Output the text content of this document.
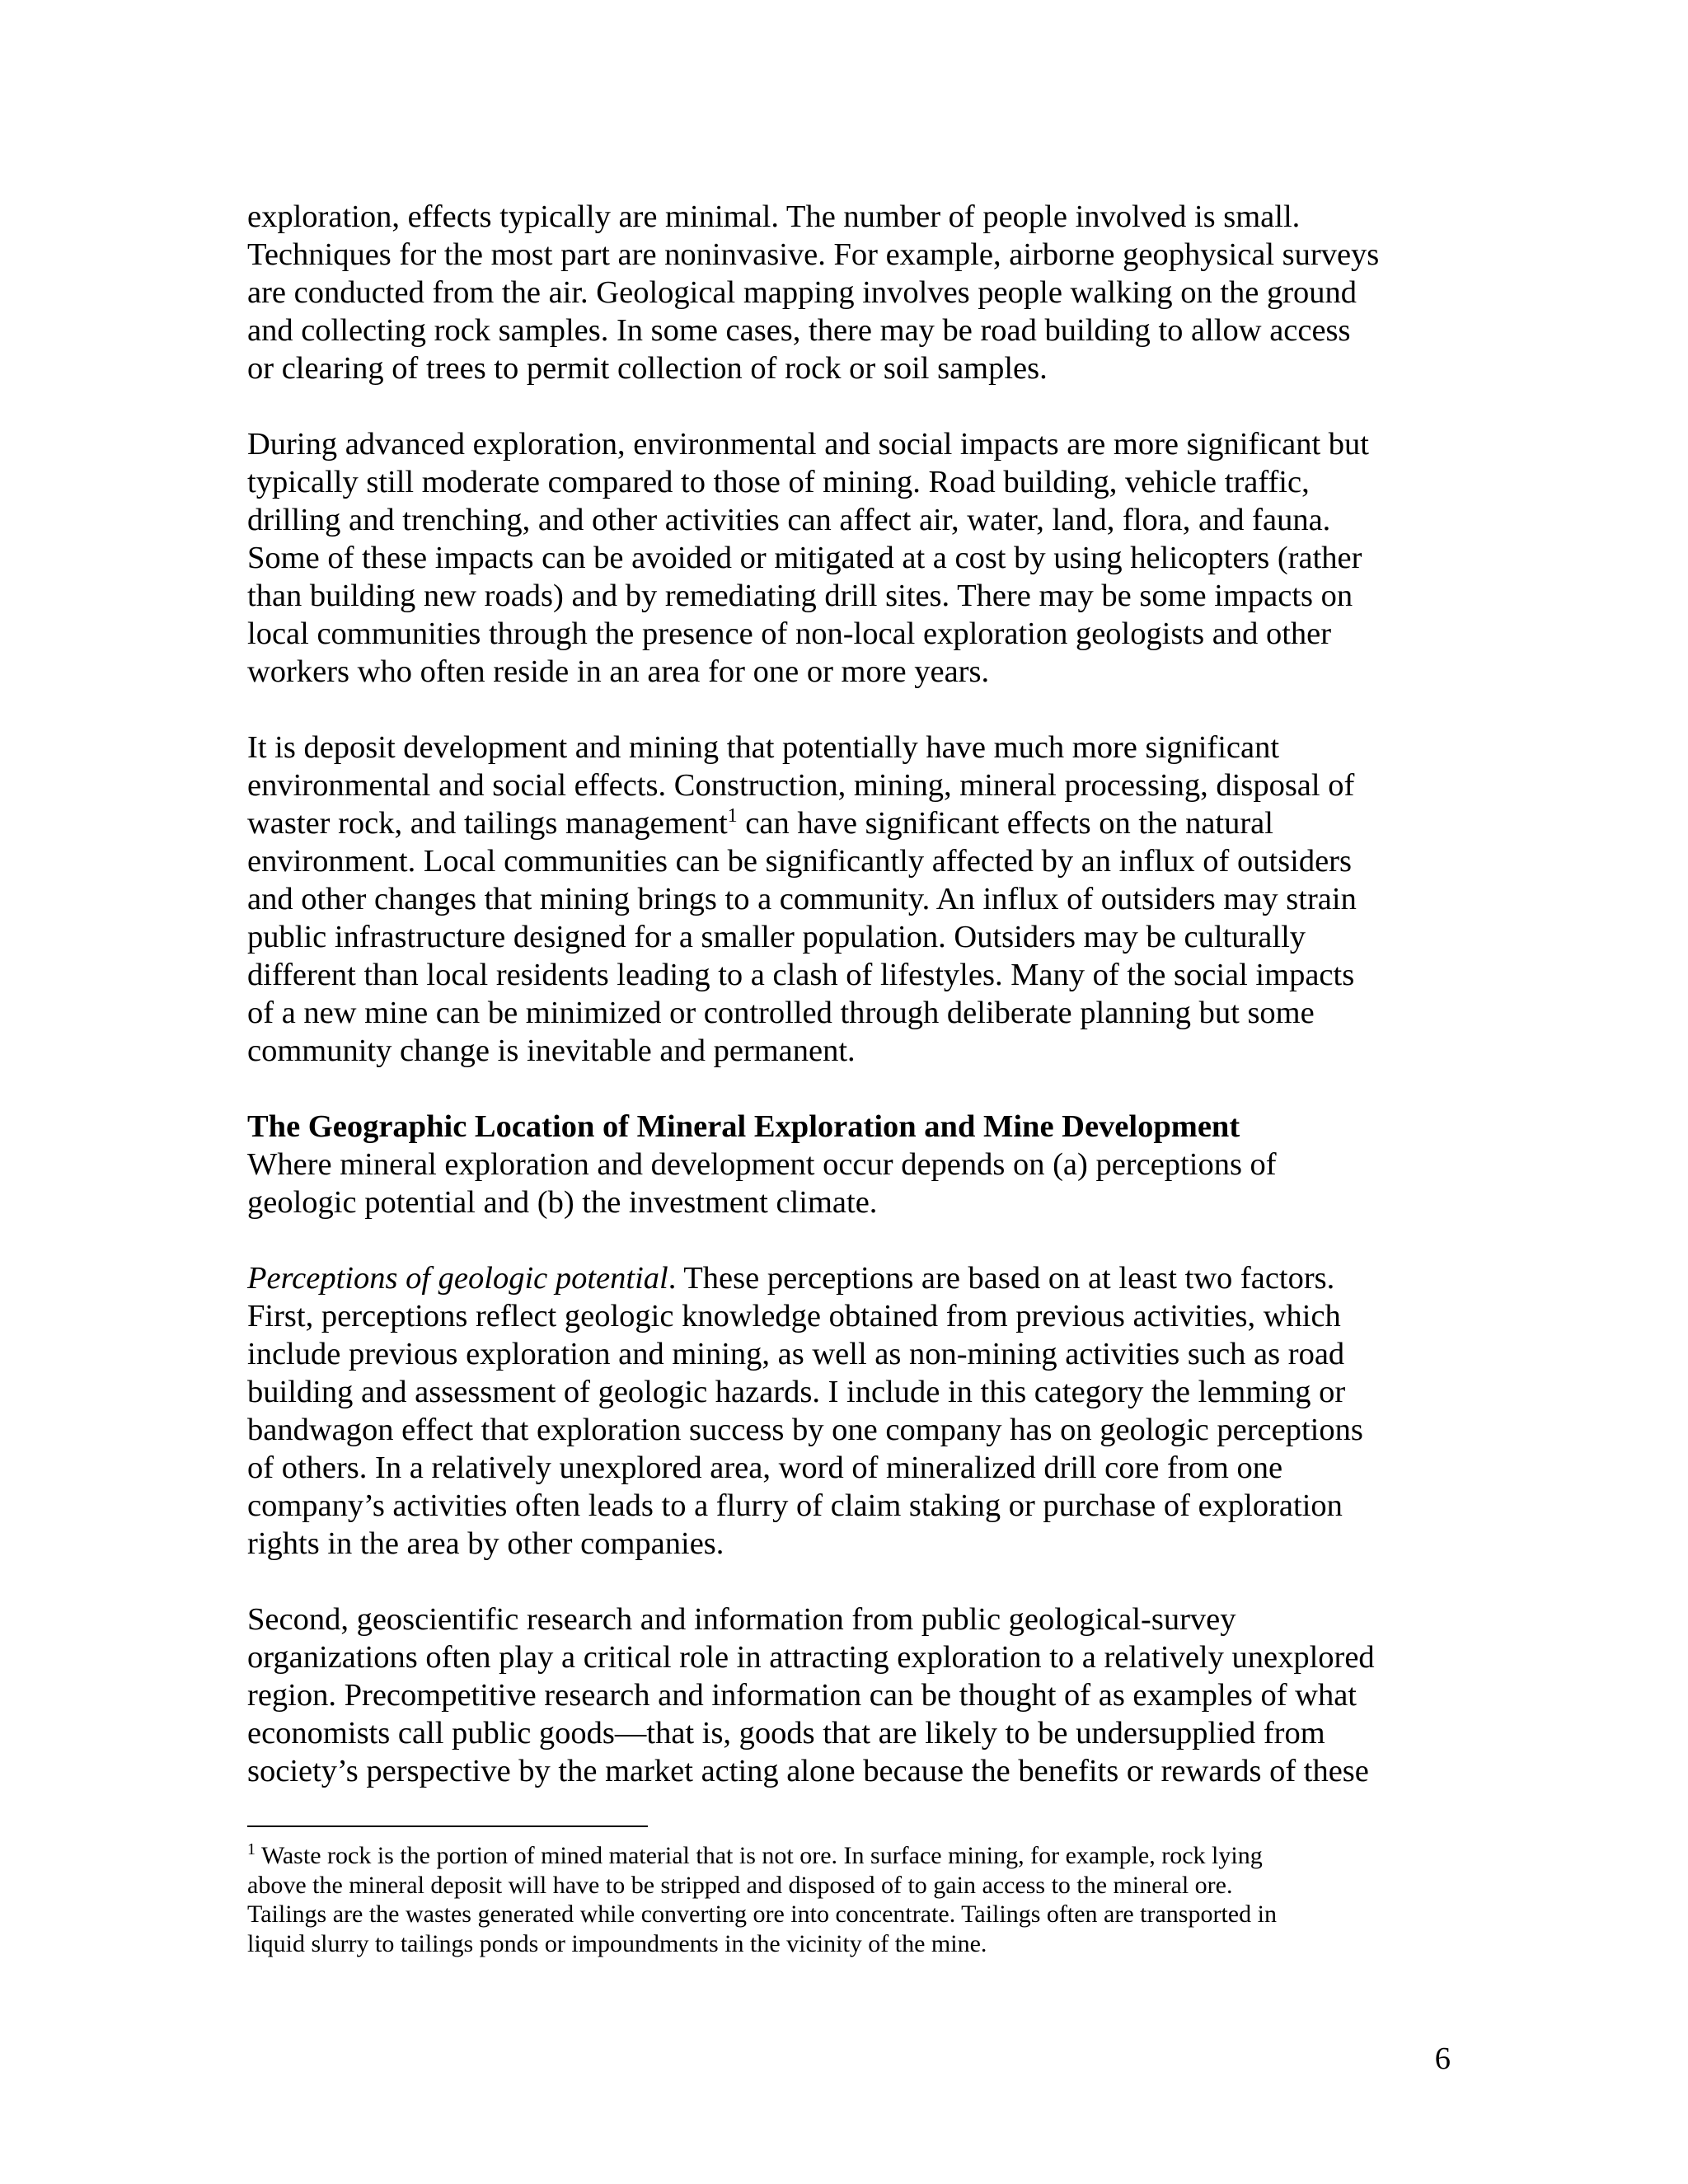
exploration, effects typically are minimal. The number of people involved is small.
Techniques for the most part are noninvasive. For example, airborne geophysical surveys
are conducted from the air. Geological mapping involves people walking on the ground
and collecting rock samples. In some cases, there may be road building to allow access
or clearing of trees to permit collection of rock or soil samples.

During advanced exploration, environmental and social impacts are more significant but
typically still moderate compared to those of mining. Road building, vehicle traffic,
drilling and trenching, and other activities can affect air, water, land, flora, and fauna.
Some of these impacts can be avoided or mitigated at a cost by using helicopters (rather
than building new roads) and by remediating drill sites. There may be some impacts on
local communities through the presence of non-local exploration geologists and other
workers who often reside in an area for one or more years.

It is deposit development and mining that potentially have much more significant
environmental and social effects. Construction, mining, mineral processing, disposal of
waster rock, and tailings management$^1$ can have significant effects on the natural
environment. Local communities can be significantly affected by an influx of outsiders
and other changes that mining brings to a community. An influx of outsiders may strain
public infrastructure designed for a smaller population. Outsiders may be culturally
different than local residents leading to a clash of lifestyles. Many of the social impacts
of a new mine can be minimized or controlled through deliberate planning but some
community change is inevitable and permanent.

The Geographic Location of Mineral Exploration and Mine Development
Where mineral exploration and development occur depends on (a) perceptions of
geologic potential and (b) the investment climate.

Perceptions of geologic potential. These perceptions are based on at least two factors.
First, perceptions reflect geologic knowledge obtained from previous activities, which
include previous exploration and mining, as well as non-mining activities such as road
building and assessment of geologic hazards. I include in this category the lemming or
bandwagon effect that exploration success by one company has on geologic perceptions
of others. In a relatively unexplored area, word of mineralized drill core from one
company’s activities often leads to a flurry of claim staking or purchase of exploration
rights in the area by other companies.

Second, geoscientific research and information from public geological-survey
organizations often play a critical role in attracting exploration to a relatively unexplored
region. Precompetitive research and information can be thought of as examples of what
economists call public goods—that is, goods that are likely to be undersupplied from
society’s perspective by the market acting alone because the benefits or rewards of these

$^1$ Waste rock is the portion of mined material that is not ore. In surface mining, for example, rock lying
above the mineral deposit will have to be stripped and disposed of to gain access to the mineral ore.
Tailings are the wastes generated while converting ore into concentrate. Tailings often are transported in
liquid slurry to tailings ponds or impoundments in the vicinity of the mine.
6
